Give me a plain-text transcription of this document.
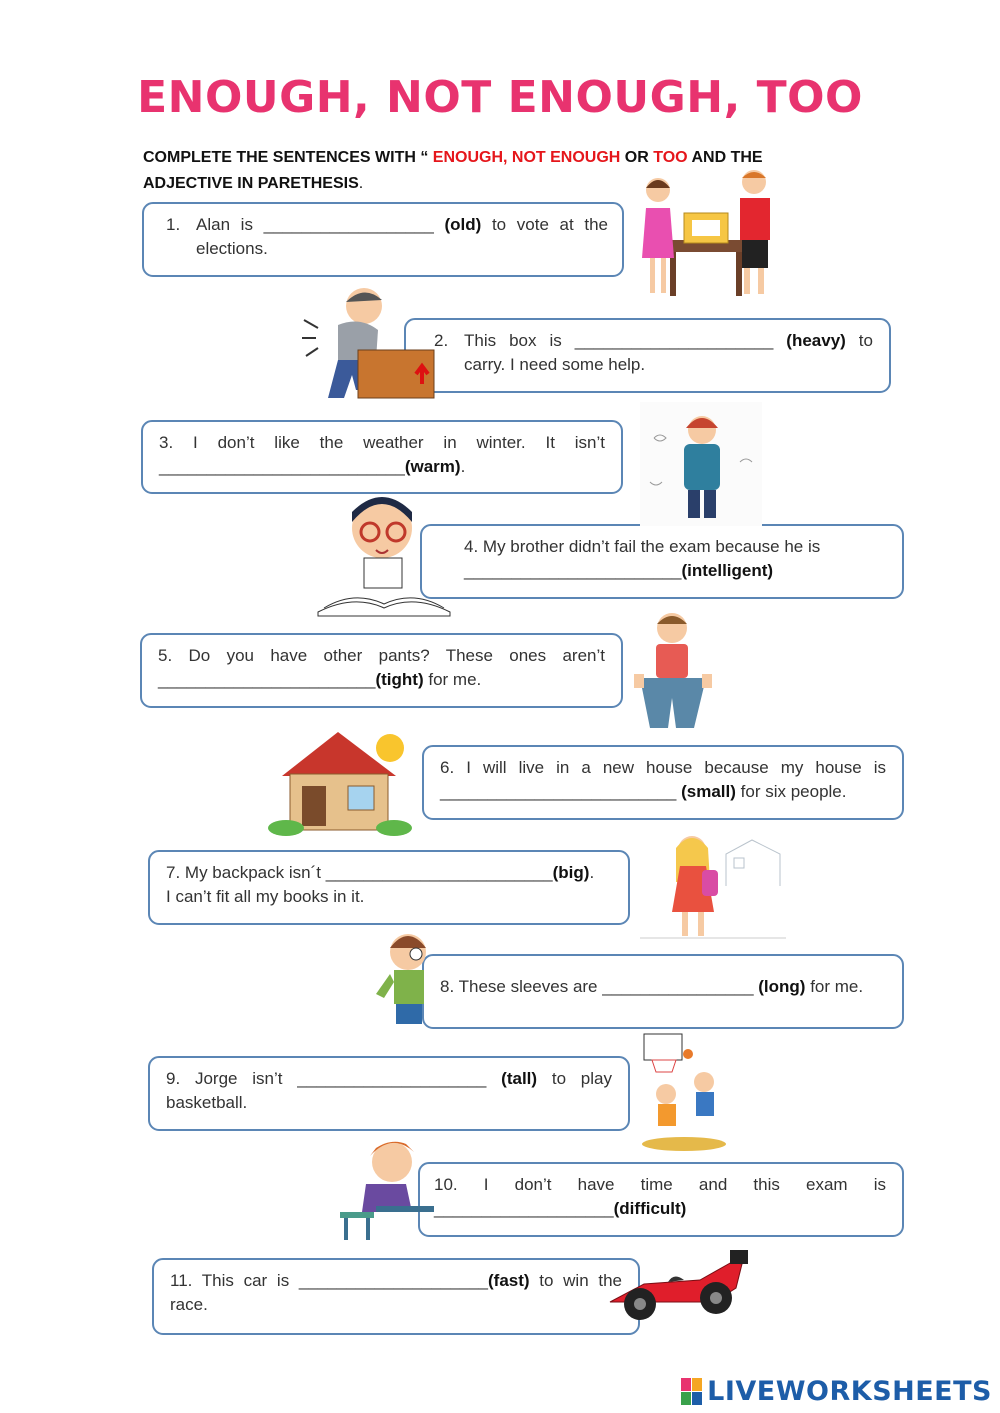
ENOUGH, NOT ENOUGH, TOO
COMPLETE THE SENTENCES WITH “ ENOUGH, NOT ENOUGH OR TOO AND THE
ADJECTIVE IN PARETHESIS.
1. Alan is __________________ (old) to vote at the elections.
2. This box is _____________________ (heavy) to carry. I need some help.
3. I don’t like the weather in winter. It isn’t __________________________(warm).
4. My brother didn’t fail the exam because he is _______________________(intelligent)
5. Do you have other pants? These ones aren’t _______________________(tight) for me.
6. I will live in a new house because my house is _________________________ (small) for six people.
7. My backpack isn´t ________________________(big).
I can’t fit all my books in it.
8. These sleeves are ________________ (long) for me.
9. Jorge isn’t ____________________ (tall) to play basketball.
10. I don’t have time and this exam is ___________________(difficult)
11. This car is ____________________(fast) to win the race.
LIVEWORKSHEETS
